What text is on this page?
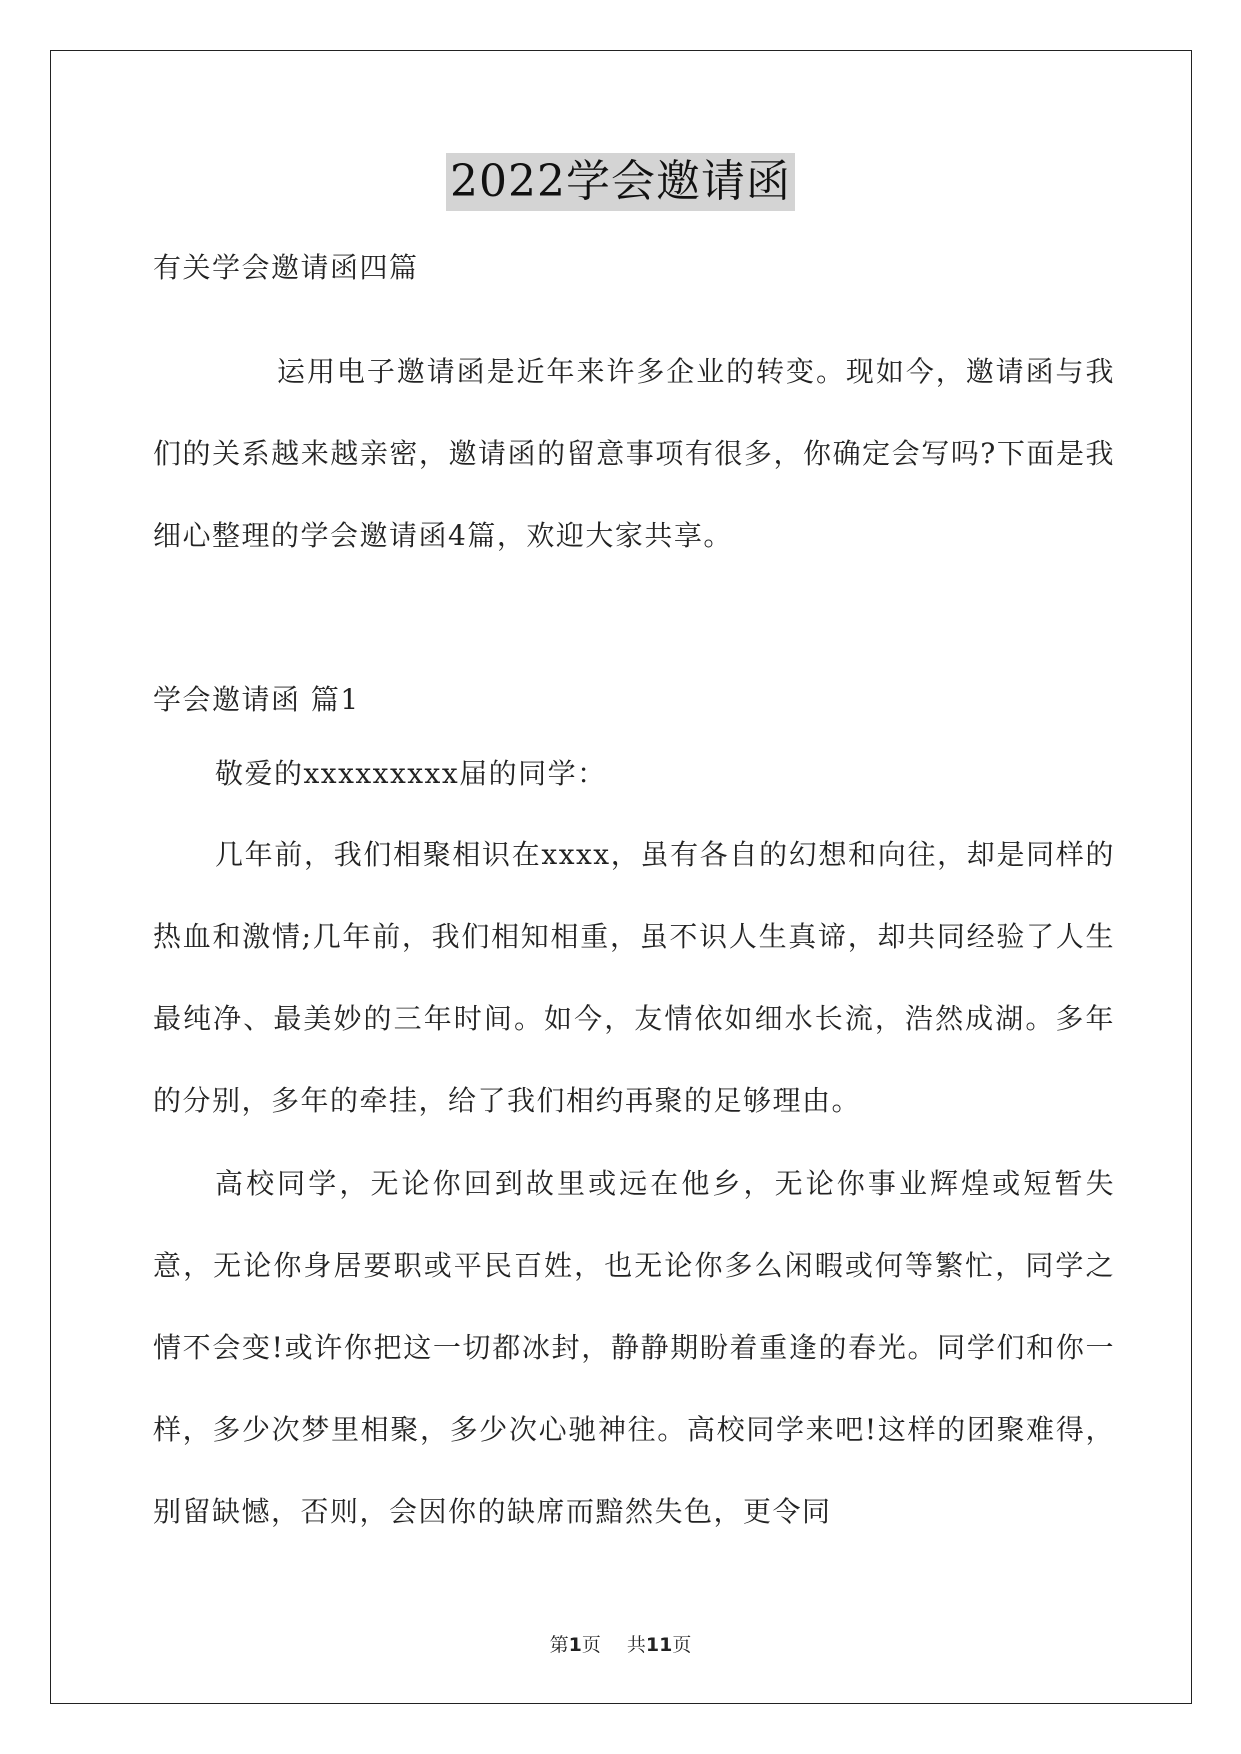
2022学会邀请函

有关学会邀请函四篇

运用电子邀请函是近年来许多企业的转变。现如今，邀请函与我们的关系越来越亲密，邀请函的留意事项有很多，你确定会写吗?下面是我细心整理的学会邀请函4篇，欢迎大家共享。

学会邀请函 篇1

敬爱的xxxxxxxxx届的同学：

几年前，我们相聚相识在xxxx，虽有各自的幻想和向往，却是同样的热血和激情;几年前，我们相知相重，虽不识人生真谛，却共同经验了人生最纯净、最美妙的三年时间。如今，友情依如细水长流，浩然成湖。多年的分别，多年的牵挂，给了我们相约再聚的足够理由。

高校同学，无论你回到故里或远在他乡，无论你事业辉煌或短暂失意，无论你身居要职或平民百姓，也无论你多么闲暇或何等繁忙，同学之情不会变!或许你把这一切都冰封，静静期盼着重逢的春光。同学们和你一样，多少次梦里相聚，多少次心驰神往。高校同学来吧!这样的团聚难得，别留缺憾，否则，会因你的缺席而黯然失色，更令同

第1页 共11页
